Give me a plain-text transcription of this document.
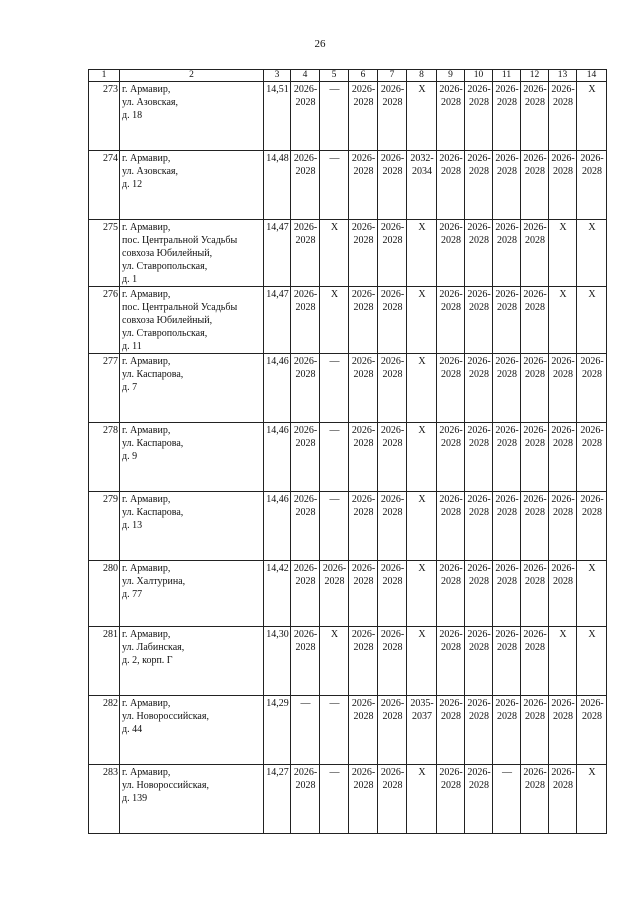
26
1	2	3	4	5	6	7	8	9	10	11	12	13	14
273	г. Армавир,
ул. Азовская,
д. 18	14,51	2026-
2028	—	2026-
2028	2026-
2028	X	2026-
2028	2026-
2028	2026-
2028	2026-
2028	2026-
2028	X

274	г. Армавир,
ул. Азовская,
д. 12	14,48	2026-
2028	—	2026-
2028	2026-
2028	2032-
2034	2026-
2028	2026-
2028	2026-
2028	2026-
2028	2026-
2028	2026-
2028

275	г. Армавир,
пос. Центральной Усадьбы
совхоза Юбилейный,
ул. Ставропольская,
д. 1	14,47	2026-
2028	X	2026-
2028	2026-
2028	X	2026-
2028	2026-
2028	2026-
2028	2026-
2028	X	X

276	г. Армавир,
пос. Центральной Усадьбы
совхоза Юбилейный,
ул. Ставропольская,
д. 11	14,47	2026-
2028	X	2026-
2028	2026-
2028	X	2026-
2028	2026-
2028	2026-
2028	2026-
2028	X	X

277	г. Армавир,
ул. Каспарова,
д. 7	14,46	2026-
2028	—	2026-
2028	2026-
2028	X	2026-
2028	2026-
2028	2026-
2028	2026-
2028	2026-
2028	2026-
2028

278	г. Армавир,
ул. Каспарова,
д. 9	14,46	2026-
2028	—	2026-
2028	2026-
2028	X	2026-
2028	2026-
2028	2026-
2028	2026-
2028	2026-
2028	2026-
2028

279	г. Армавир,
ул. Каспарова,
д. 13	14,46	2026-
2028	—	2026-
2028	2026-
2028	X	2026-
2028	2026-
2028	2026-
2028	2026-
2028	2026-
2028	2026-
2028

280	г. Армавир,
ул. Халтурина,
д. 77	14,42	2026-
2028	2026-
2028	2026-
2028	2026-
2028	X	2026-
2028	2026-
2028	2026-
2028	2026-
2028	2026-
2028	X

281	г. Армавир,
ул. Лабинская,
д. 2, корп. Г	14,30	2026-
2028	X	2026-
2028	2026-
2028	X	2026-
2028	2026-
2028	2026-
2028	2026-
2028	X	X

282	г. Армавир,
ул. Новороссийская,
д. 44	14,29	—	—	2026-
2028	2026-
2028	2035-
2037	2026-
2028	2026-
2028	2026-
2028	2026-
2028	2026-
2028	2026-
2028

283	г. Армавир,
ул. Новороссийская,
д. 139	14,27	2026-
2028	—	2026-
2028	2026-
2028	X	2026-
2028	2026-
2028	—	2026-
2028	2026-
2028	X
